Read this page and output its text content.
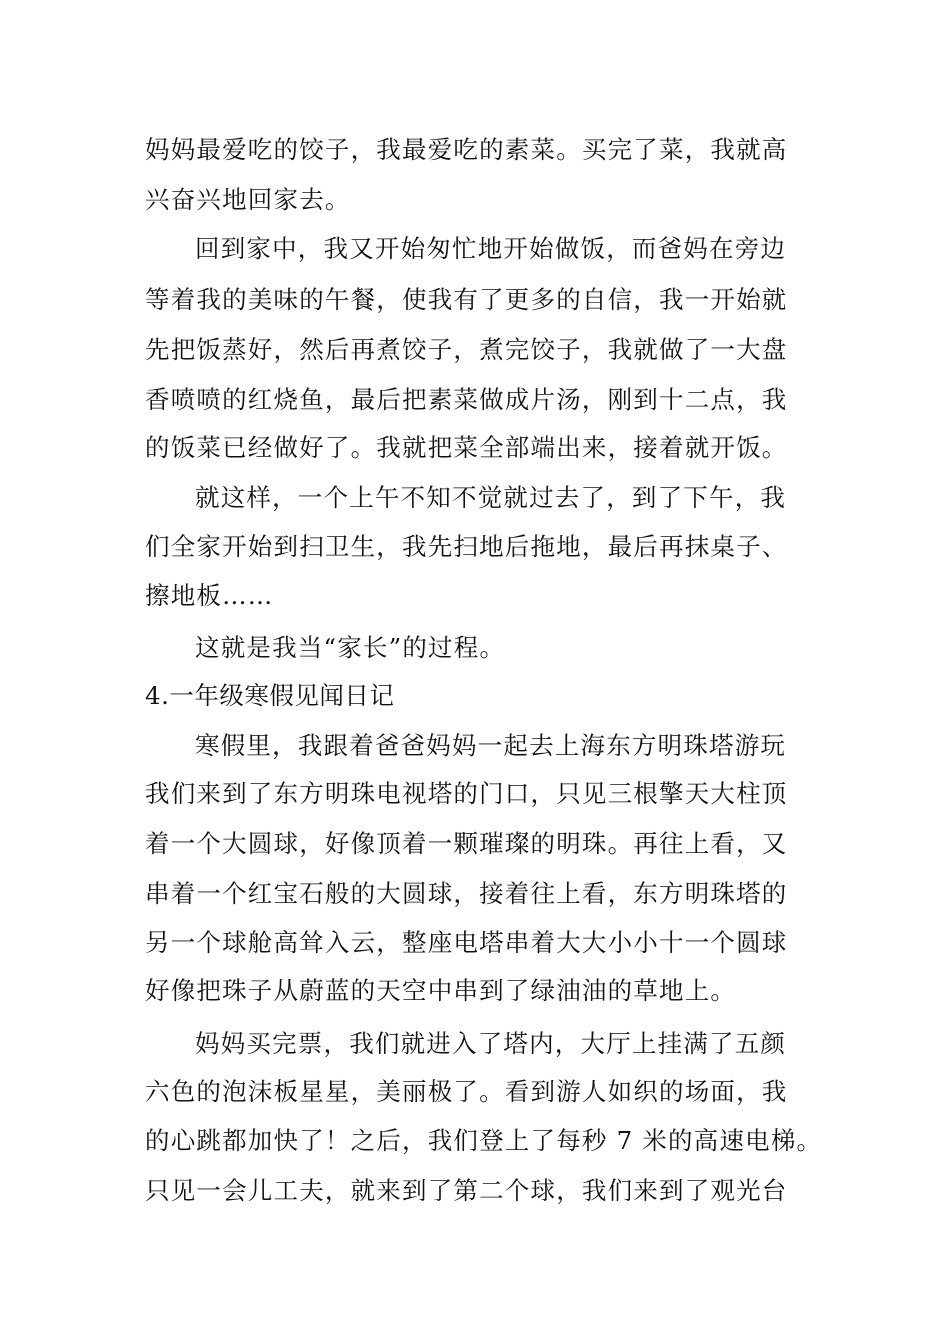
妈妈最爱吃的饺子，我最爱吃的素菜。买完了菜，我就高
兴奋兴地回家去。
回到家中，我又开始匆忙地开始做饭，而爸妈在旁边
等着我的美味的午餐，使我有了更多的自信，我一开始就
先把饭蒸好，然后再煮饺子，煮完饺子，我就做了一大盘
香喷喷的红烧鱼，最后把素菜做成片汤，刚到十二点，我
的饭菜已经做好了。我就把菜全部端出来，接着就开饭。
就这样，一个上午不知不觉就过去了，到了下午，我
们全家开始到扫卫生，我先扫地后拖地，最后再抹桌子、
擦地板……
这就是我当“家长”的过程。
4.一年级寒假见闻日记
寒假里，我跟着爸爸妈妈一起去上海东方明珠塔游玩
我们来到了东方明珠电视塔的门口，只见三根擎天大柱顶
着一个大圆球，好像顶着一颗璀璨的明珠。再往上看，又
串着一个红宝石般的大圆球，接着往上看，东方明珠塔的
另一个球舱高耸入云，整座电塔串着大大小小十一个圆球
好像把珠子从蔚蓝的天空中串到了绿油油的草地上。
妈妈买完票，我们就进入了塔内，大厅上挂满了五颜
六色的泡沫板星星，美丽极了。看到游人如织的场面，我
的心跳都加快了！之后，我们登上了每秒 7 米的高速电梯。
只见一会儿工夫，就来到了第二个球，我们来到了观光台
